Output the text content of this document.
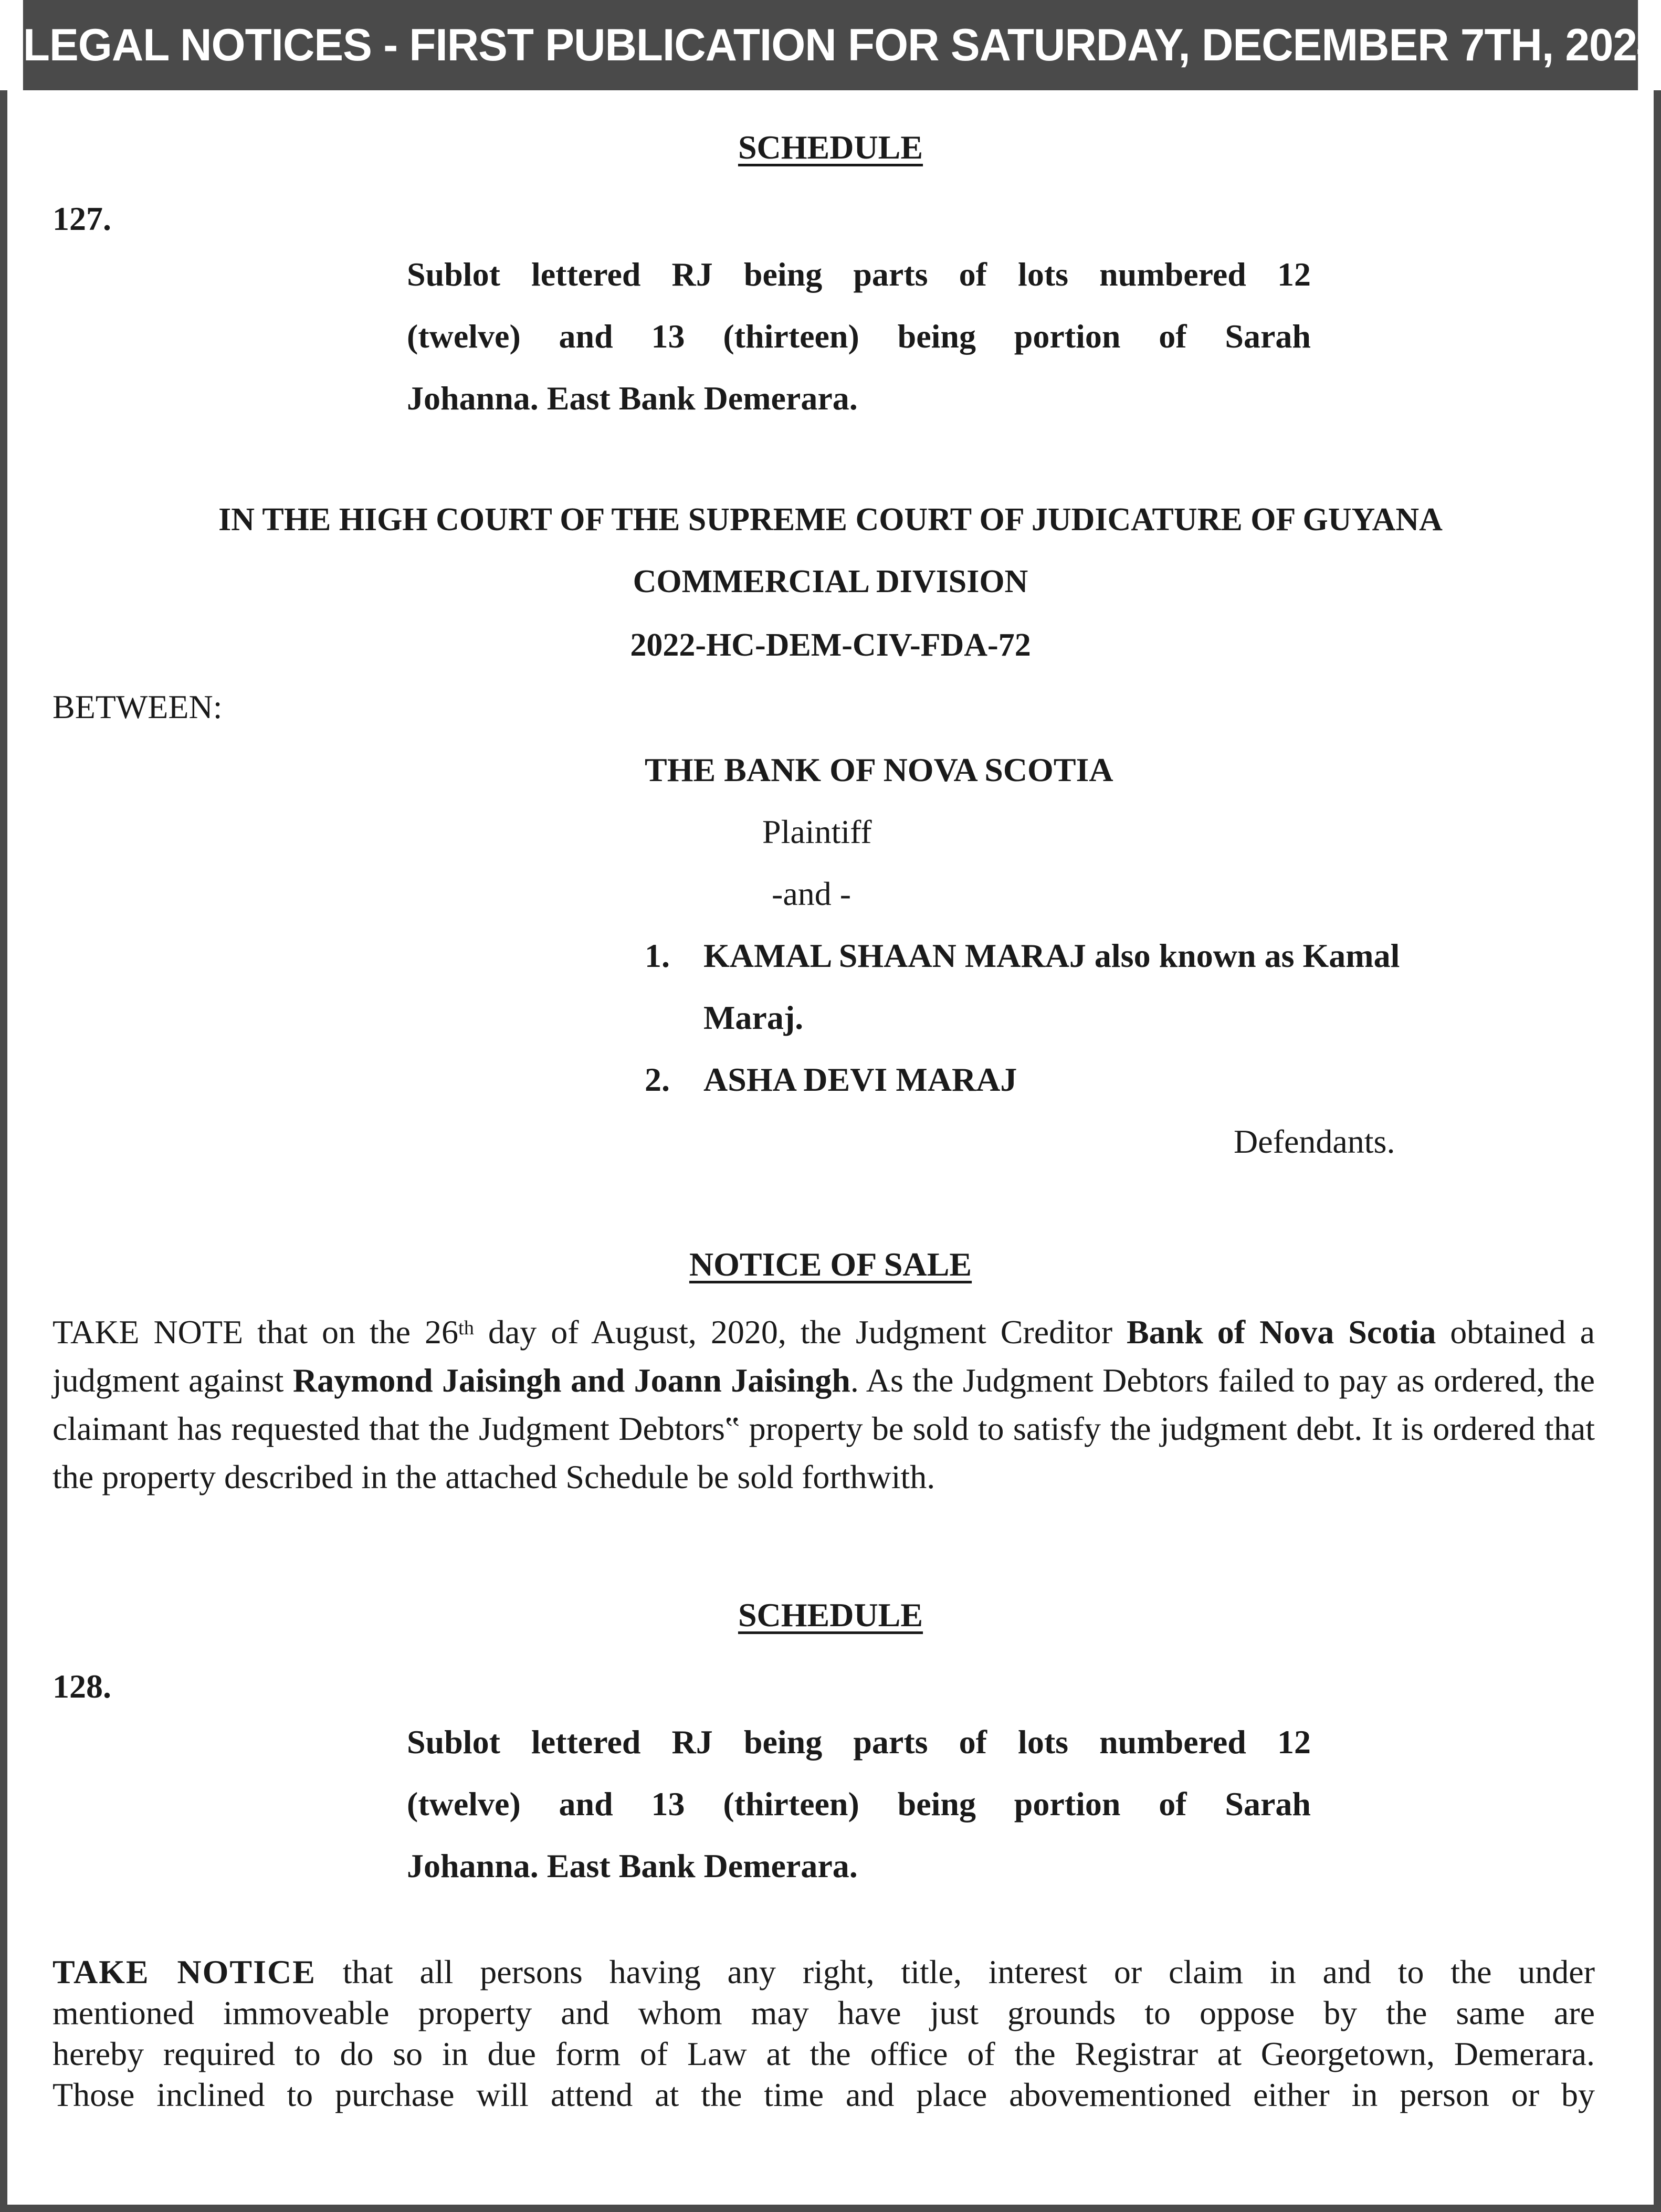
LEGAL NOTICES - FIRST PUBLICATION FOR SATURDAY, DECEMBER 7TH, 2024
SCHEDULE
127.
Sublot lettered RJ being parts of lots numbered 12
(twelve) and 13 (thirteen) being portion of Sarah
Johanna. East Bank Demerara.
IN THE HIGH COURT OF THE SUPREME COURT OF JUDICATURE OF GUYANA
COMMERCIAL DIVISION
2022-HC-DEM-CIV-FDA-72
BETWEEN:
THE BANK OF NOVA SCOTIA
Plaintiff
-and -
1. KAMAL SHAAN MARAJ also known as Kamal
Maraj.
2. ASHA DEVI MARAJ
Defendants.
NOTICE OF SALE
TAKE NOTE that on the 26th day of August, 2020, the Judgment Creditor Bank of Nova Scotia obtained a judgment against Raymond Jaisingh and Joann Jaisingh. As the Judgment Debtors failed to pay as ordered, the claimant has requested that the Judgment Debtors‟ property be sold to satisfy the judgment debt. It is ordered that the property described in the attached Schedule be sold forthwith.
SCHEDULE
128.
Sublot lettered RJ being parts of lots numbered 12
(twelve) and 13 (thirteen) being portion of Sarah
Johanna. East Bank Demerara.
TAKE NOTICE that all persons having any right, title, interest or claim in and to the under
mentioned immoveable property and whom may have just grounds to oppose by the same are
hereby required to do so in due form of Law at the office of the Registrar at Georgetown, Demerara.
Those inclined to purchase will attend at the time and place abovementioned either in person or by
